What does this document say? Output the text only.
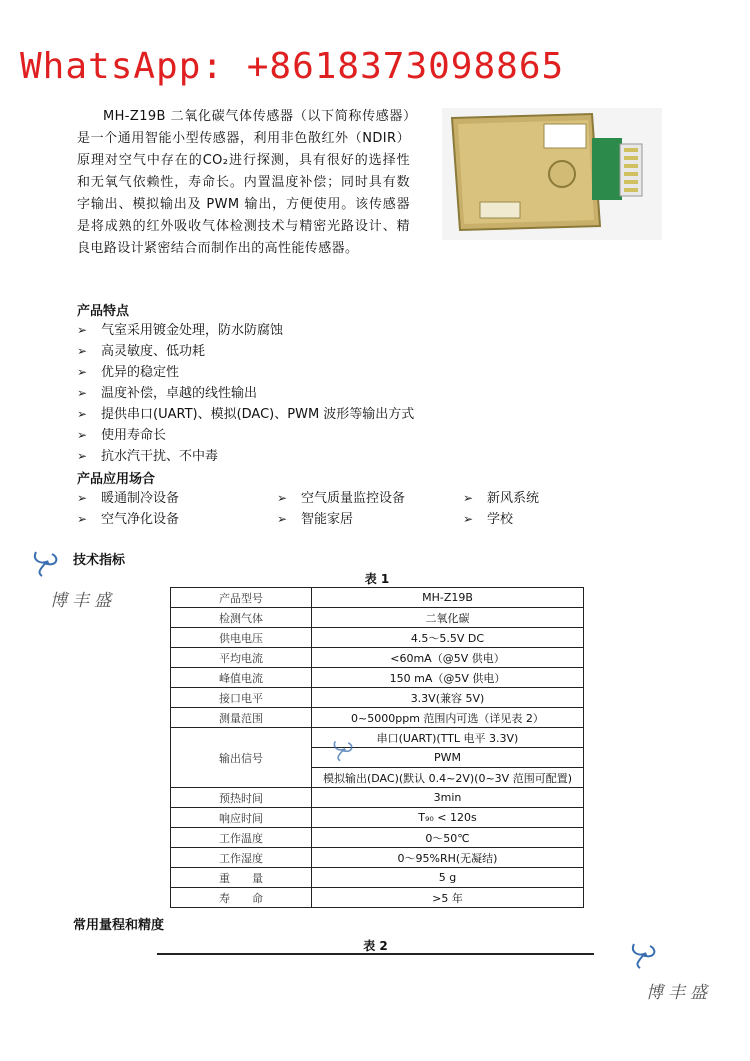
WhatsApp: +8618373098865
MH-Z19B 二氧化碳气体传感器（以下简称传感器）是一个通用智能小型传感器，利用非色散红外（NDIR）原理对空气中存在的CO₂进行探测，具有很好的选择性和无氧气依赖性，寿命长。内置温度补偿；同时具有数字输出、模拟输出及 PWM 输出，方便使用。该传感器是将成熟的红外吸收气体检测技术与精密光路设计、精良电路设计紧密结合而制作出的高性能传感器。
产品特点
➢ 气室采用镀金处理，防水防腐蚀
➢ 高灵敏度、低功耗
➢ 优异的稳定性
➢ 温度补偿，卓越的线性输出
➢ 提供串口(UART)、模拟(DAC)、PWM 波形等输出方式
➢ 使用寿命长
➢ 抗水汽干扰、不中毒
产品应用场合
➢ 暖通制冷设备	➢ 空气质量监控设备	➢ 新风系统
➢ 空气净化设备	➢ 智能家居	➢ 学校
博丰盛
技术指标
表 1
产品型号	MH-Z19B
检测气体	二氧化碳
供电电压	4.5～5.5V DC
平均电流	<60mA（@5V 供电）
峰值电流	150 mA（@5V 供电）
接口电平	3.3V(兼容 5V)
测量范围	0~5000ppm 范围内可选（详见表 2）
输出信号	串口(UART)(TTL 电平 3.3V)
	PWM
	模拟输出(DAC)(默认 0.4~2V)(0~3V 范围可配置)
预热时间	3min
响应时间	T₉₀ < 120s
工作温度	0～50℃
工作湿度	0～95%RH(无凝结)
重　　量	5 g
寿　　命	>5 年
常用量程和精度
表 2
博丰盛
